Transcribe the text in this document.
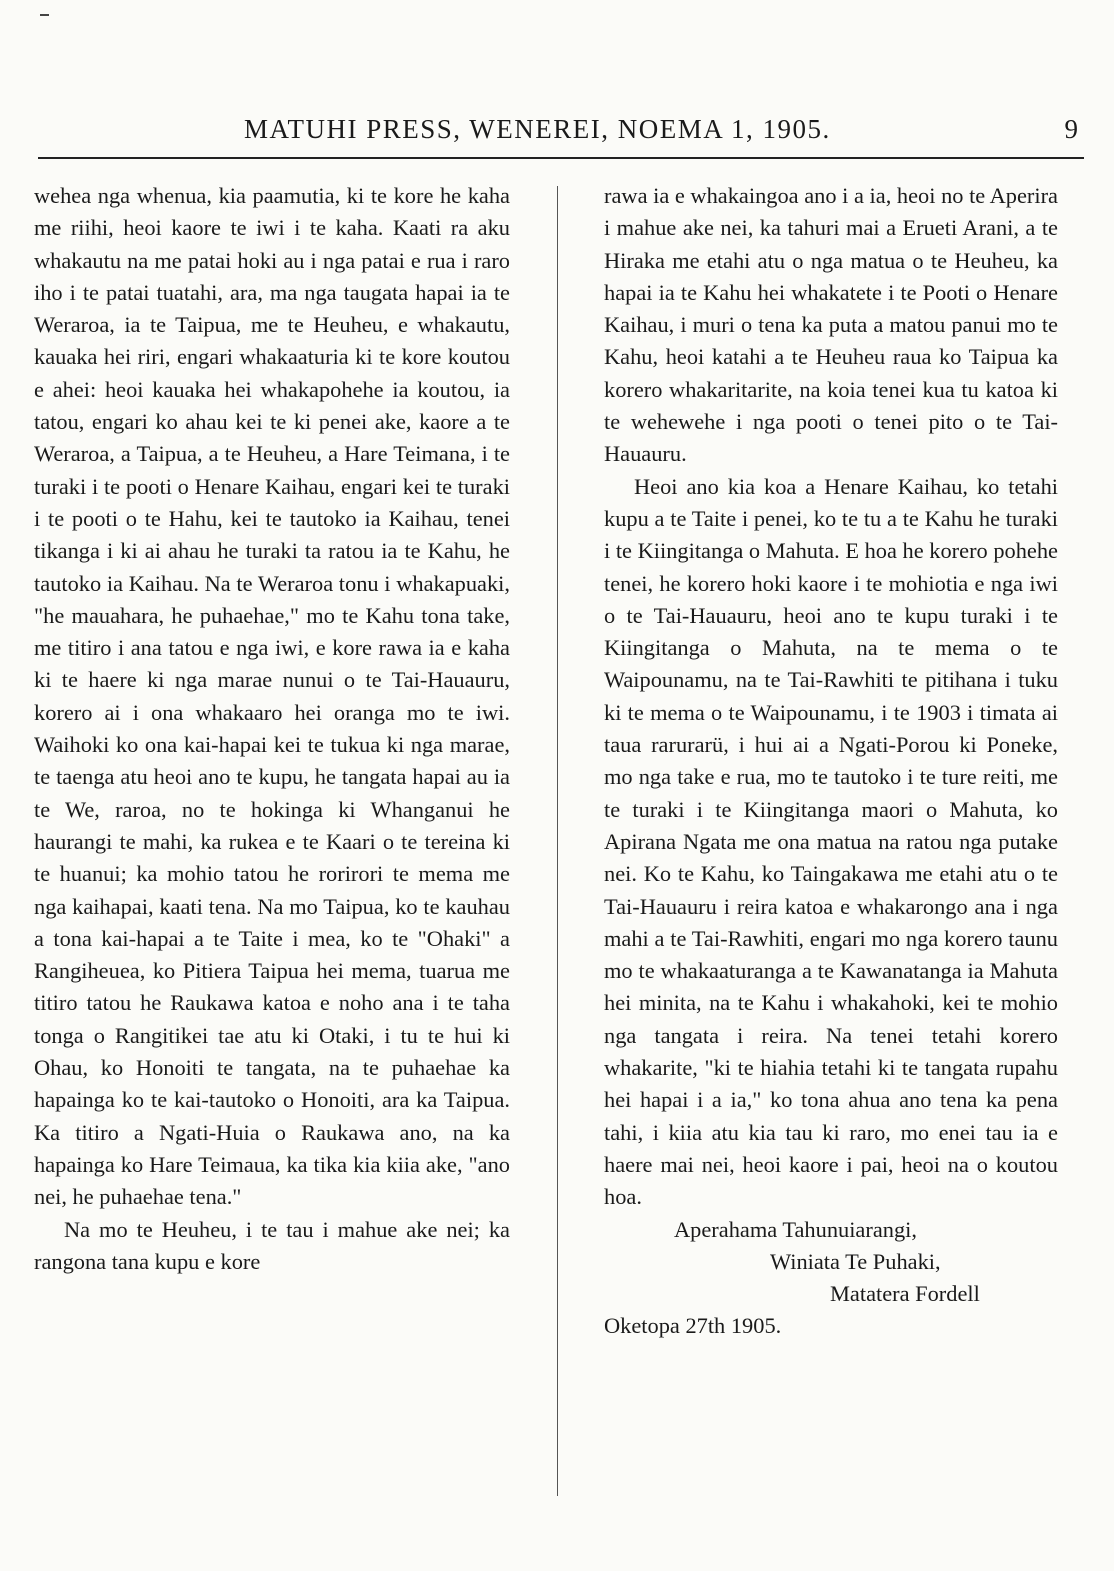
MATUHI PRESS, WENEREI, NOEMA 1, 1905.	9

wehea nga whenua, kia paamutia, ki te kore he kaha me riihi, heoi kaore te iwi i te kaha. Kaati ra aku whakautu na me patai hoki au i nga patai e rua i raro iho i te patai tuatahi, ara, ma nga taugata hapai ia te Weraroa, ia te Taipua, me te Heuheu, e whakautu, kauaka hei riri, engari whakaaturia ki te kore koutou e ahei: heoi kauaka hei whakapohehe ia koutou, ia tatou, engari ko ahau kei te ki penei ake, kaore a te Weraroa, a Taipua, a te Heuheu, a Hare Teimana, i te turaki i te pooti o Henare Kaihau, engari kei te turaki i te pooti o te Hahu, kei te tautoko ia Kaihau, tenei tikanga i ki ai ahau he turaki ta ratou ia te Kahu, he tautoko ia Kaihau. Na te Weraroa tonu i whakapuaki, "he mauahara, he puhaehae," mo te Kahu tona take, me titiro i ana tatou e nga iwi, e kore rawa ia e kaha ki te haere ki nga marae nunui o te Tai-Hauauru, korero ai i ona whakaaro hei oranga mo te iwi. Waihoki ko ona kai-hapai kei te tukua ki nga marae, te taenga atu heoi ano te kupu, he tangata hapai au ia te We, raroa, no te hokinga ki Whanganui he haurangi te mahi, ka rukea e te Kaari o te tereina ki te huanui; ka mohio tatou he rorirori te mema me nga kaihapai, kaati tena. Na mo Taipua, ko te kauhau a tona kai-hapai a te Taite i mea, ko te "Ohaki" a Rangiheuea, ko Pitiera Taipua hei mema, tuarua me titiro tatou he Raukawa katoa e noho ana i te taha tonga o Rangitikei tae atu ki Otaki, i tu te hui ki Ohau, ko Honoiti te tangata, na te puhaehae ka hapainga ko te kai-tautoko o Honoiti, ara ka Taipua. Ka titiro a Ngati-Huia o Raukawa ano, na ka hapainga ko Hare Teimaua, ka tika kia kiia ake, "ano nei, he puhaehae tena."

Na mo te Heuheu, i te tau i mahue ake nei; ka rangona tana kupu e kore

rawa ia e whakaingoa ano i a ia, heoi no te Aperira i mahue ake nei, ka tahuri mai a Erueti Arani, a te Hiraka me etahi atu o nga matua o te Heuheu, ka hapai ia te Kahu hei whakatete i te Pooti o Henare Kaihau, i muri o tena ka puta a matou panui mo te Kahu, heoi katahi a te Heuheu raua ko Taipua ka korero whakaritarite, na koia tenei kua tu katoa ki te wehewehe i nga pooti o tenei pito o te Tai-Hauauru.

Heoi ano kia koa a Henare Kaihau, ko tetahi kupu a te Taite i penei, ko te tu a te Kahu he turaki i te Kiingitanga o Mahuta. E hoa he korero pohehe tenei, he korero hoki kaore i te mohiotia e nga iwi o te Tai-Hauauru, heoi ano te kupu turaki i te Kiingitanga o Mahuta, na te mema o te Waipounamu, na te Tai-Rawhiti te pitihana i tuku ki te mema o te Waipounamu, i te 1903 i timata ai taua rarurarü, i hui ai a Ngati-Porou ki Poneke, mo nga take e rua, mo te tautoko i te ture reiti, me te turaki i te Kiingitanga maori o Mahuta, ko Apirana Ngata me ona matua na ratou nga putake nei. Ko te Kahu, ko Taingakawa me etahi atu o te Tai-Hauauru i reira katoa e whakarongo ana i nga mahi a te Tai-Rawhiti, engari mo nga korero taunu mo te whakaaturanga a te Kawanatanga ia Mahuta hei minita, na te Kahu i whakahoki, kei te mohio nga tangata i reira. Na tenei tetahi korero whakarite, "ki te hiahia tetahi ki te tangata rupahu hei hapai i a ia," ko tona ahua ano tena ka pena tahi, i kiia atu kia tau ki raro, mo enei tau ia e haere mai nei, heoi kaore i pai, heoi na o koutou hoa.

Aperahama Tahunuiarangi,

Winiata Te Puhaki,

Matatera Fordell

Oketopa 27th 1905.
